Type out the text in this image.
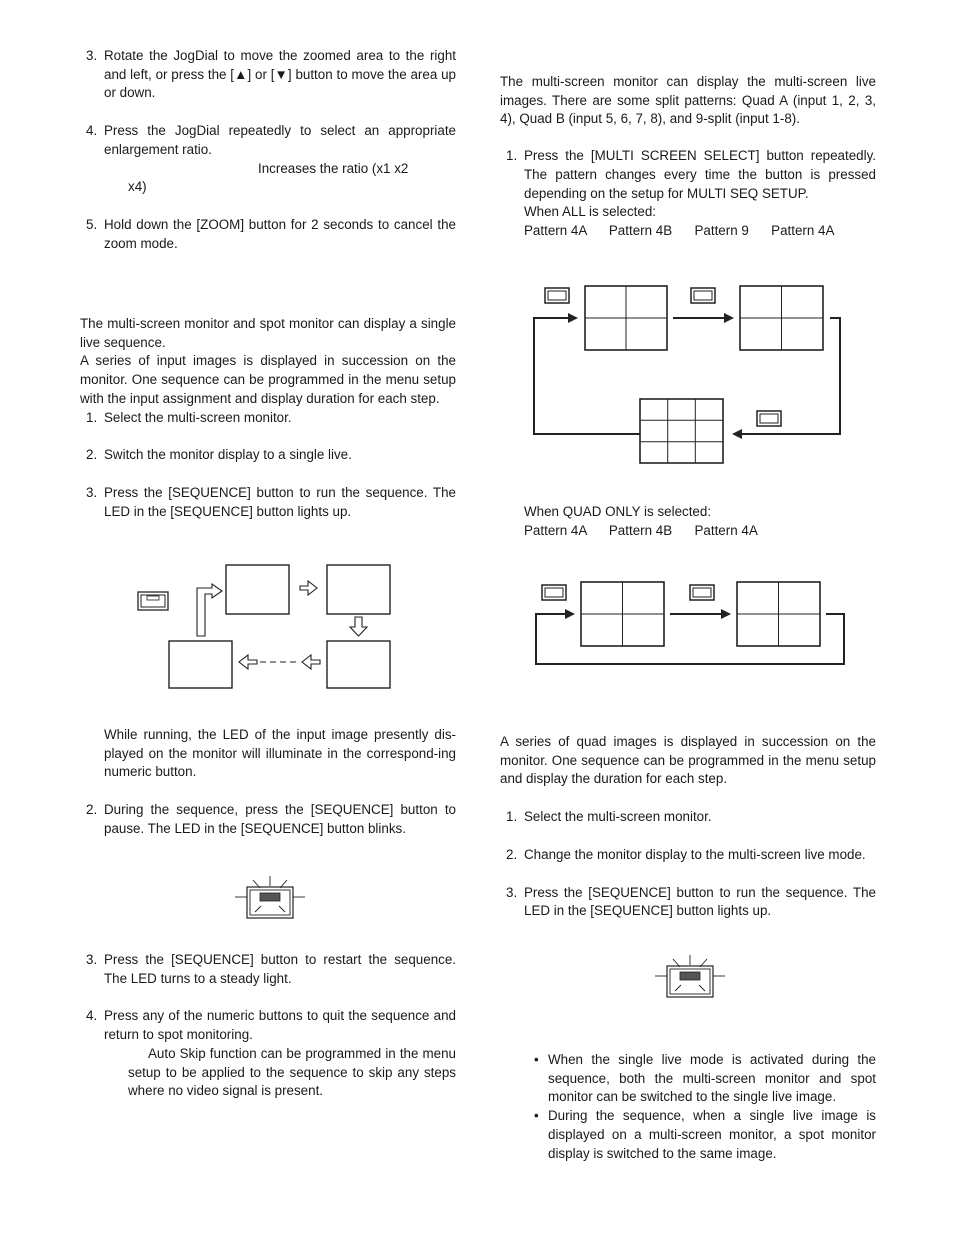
3. Rotate the JogDial to move the zoomed area to the right and left, or press the [▲] or [▼] button to move the area up or down.

4. Press the JogDial repeatedly to select an appropriate enlargement ratio.

Increases the ratio (x1 x2

x4)

5. Hold down the [ZOOM] button for 2 seconds to cancel the zoom mode.

The multi-screen monitor and spot monitor can display a single live sequence.

A series of input images is displayed in succession on the monitor. One sequence can be programmed in the menu setup with the input assignment and display duration for each step.

1. Select the multi-screen monitor.

2. Switch the monitor display to a single live.

3. Press the [SEQUENCE] button to run the sequence. The LED in the [SEQUENCE] button lights up.

While running, the LED of the input image presently dis-played on the monitor will illuminate in the correspond-ing numeric button.

2. During the sequence, press the [SEQUENCE] button to pause. The LED in the [SEQUENCE] button blinks.

3. Press the [SEQUENCE] button to restart the sequence. The LED turns to a steady light.

4. Press any of the numeric buttons to quit the sequence and return to spot monitoring.

Auto Skip function can be programmed in the menu setup to be applied to the sequence to skip any steps where no video signal is present.

The multi-screen monitor can display the multi-screen live images. There are some split patterns: Quad A (input 1, 2, 3, 4), Quad B (input 5, 6, 7, 8), and 9-split (input 1-8).

1. Press the [MULTI SCREEN SELECT] button repeatedly. The pattern changes every time the button is pressed depending on the setup for MULTI SEQ SETUP.

When ALL is selected:

Pattern 4A Pattern 4B Pattern 9 Pattern 4A

When QUAD ONLY is selected:

Pattern 4A Pattern 4B Pattern 4A

A series of quad images is displayed in succession on the monitor. One sequence can be programmed in the menu setup and display the duration for each step.

1. Select the multi-screen monitor.

2. Change the monitor display to the multi-screen live mode.

3. Press the [SEQUENCE] button to run the sequence. The LED in the [SEQUENCE] button lights up.

• When the single live mode is activated during the sequence, both the multi-screen monitor and spot monitor can be switched to the single live image.

• During the sequence, when a single live image is displayed on a multi-screen monitor, a spot monitor display is switched to the same image.
